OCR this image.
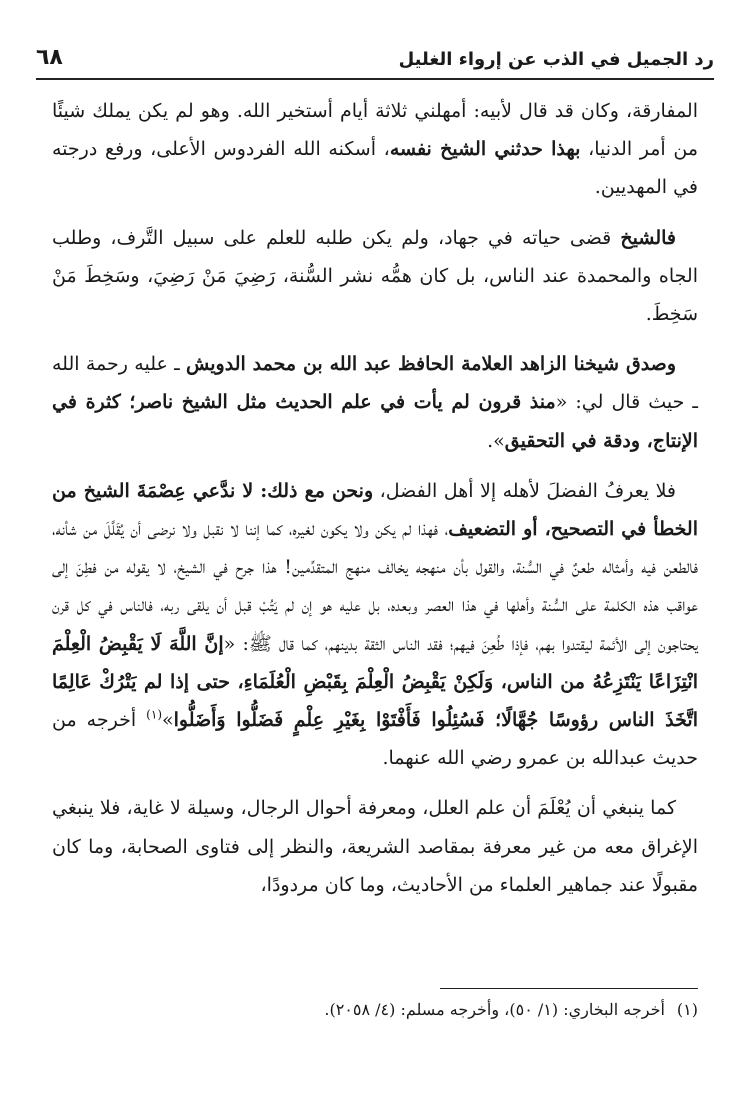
٦٨	رد الجميل في الذب عن إرواء الغليل

المفارقة، وكان قد قال لأبيه: أمهلني ثلاثة أيام أستخير الله. وهو لم يكن يملك شيئًا من أمر الدنيا، بهذا حدثني الشيخ نفسه، أسكنه الله الفردوس الأعلى، ورفع درجته في المهديين.

فالشيخ قضى حياته في جهاد، ولم يكن طلبه للعلم على سبيل التَّرف، وطلب الجاه والمحمدة عند الناس، بل كان همُّه نشر السُّنة، رَضِيَ مَنْ رَضِيَ، وسَخِطَ مَنْ سَخِطَ.

وصدق شيخنا الزاهد العلامة الحافظ عبد الله بن محمد الدويش ـ عليه رحمة الله ـ حيث قال لي: «منذ قرون لم يأت في علم الحديث مثل الشيخ ناصر؛ كثرة في الإنتاج، ودقة في التحقيق».

فلا يعرفُ الفضلَ لأهله إلا أهل الفضل، ونحن مع ذلك: لا ندَّعي عِصْمَةَ الشيخ من الخطأ في التصحيح، أو التضعيف، فهذا لم يكن ولا يكون لغيره، كما إننا لا نقبل ولا نرضى أن يُقَلَّلَ من شأنه، فالطعن فيه وأمثاله طعنٌ في السُّنة، والقول بأن منهجه يخالف منهج المتقدِّمين! هذا جرح في الشيخ، لا يقوله من فطِنَ إلى عواقب هذه الكلمة على السُّنة وأهلها في هذا العصر وبعده، بل عليه هو إن لم يَتُبْ قبل أن يلقى ربه، فالناس في كل قرن يحتاجون إلى الأئمة ليقتدوا بهم، فإذا طُعِنَ فيهم؛ فقد الناس الثقة بدينهم، كما قال ﷺ: «إنَّ اللَّهَ لَا يَقْبِضُ الْعِلْمَ انْتِزَاعًا يَنْتَزِعُهُ من الناس، وَلَكِنْ يَقْبِضُ الْعِلْمَ بِقَبْضِ الْعُلَمَاءِ، حتى إذا لم يَتْرُكْ عَالِمًا اتَّخَذَ الناس رؤوسًا جُهَّالًا؛ فَسُئِلُوا فَأَفْتَوْا بِغَيْرِ عِلْمٍ فَضَلُّوا وَأَضَلُّوا»$^{(١)}$ أخرجه من حديث عبدالله بن عمرو رضي الله عنهما.

كما ينبغي أن يُعْلَمَ أن علم العلل، ومعرفة أحوال الرجال، وسيلة لا غاية، فلا ينبغي الإغراق معه من غير معرفة بمقاصد الشريعة، والنظر إلى فتاوى الصحابة، وما كان مقبولًا عند جماهير العلماء من الأحاديث، وما كان مردودًا،

(١)أخرجه البخاري: (١/ ٥٠)، وأخرجه مسلم: (٤/ ٢٠٥٨).
